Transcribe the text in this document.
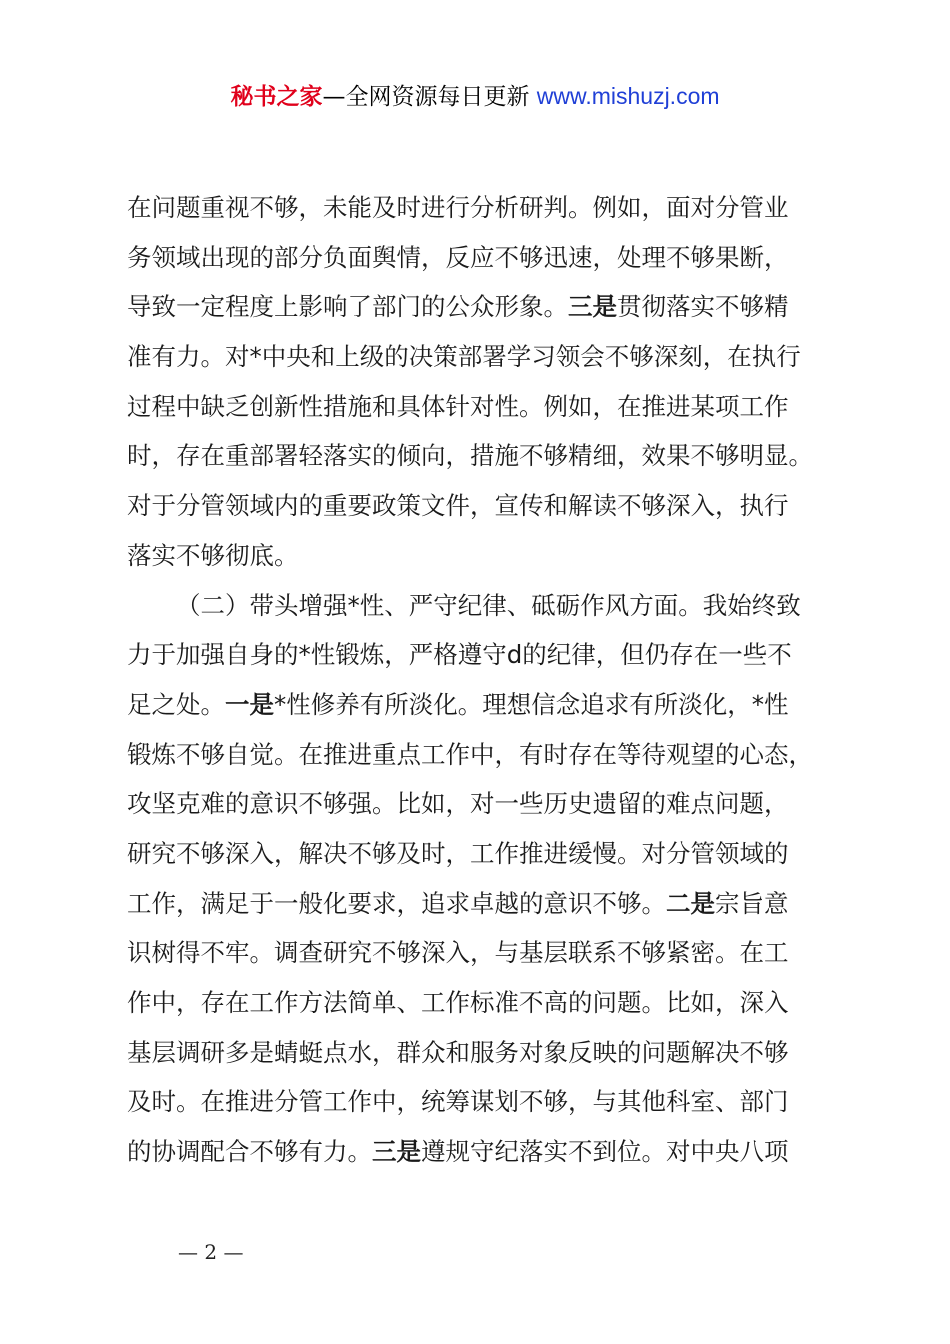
秘书之家—全网资源每日更新 www.mishuzj.com
在问题重视不够，未能及时进行分析研判。例如，面对分管业
务领域出现的部分负面舆情，反应不够迅速，处理不够果断，
导致一定程度上影响了部门的公众形象。三是贯彻落实不够精
准有力。对*中央和上级的决策部署学习领会不够深刻，在执行
过程中缺乏创新性措施和具体针对性。例如，在推进某项工作
时，存在重部署轻落实的倾向，措施不够精细，效果不够明显。
对于分管领域内的重要政策文件，宣传和解读不够深入，执行
落实不够彻底。
（二）带头增强*性、严守纪律、砥砺作风方面。我始终致
力于加强自身的*性锻炼，严格遵守d的纪律，但仍存在一些不
足之处。一是*性修养有所淡化。理想信念追求有所淡化，*性
锻炼不够自觉。在推进重点工作中，有时存在等待观望的心态，
攻坚克难的意识不够强。比如，对一些历史遗留的难点问题，
研究不够深入，解决不够及时，工作推进缓慢。对分管领域的
工作，满足于一般化要求，追求卓越的意识不够。二是宗旨意
识树得不牢。调查研究不够深入，与基层联系不够紧密。在工
作中，存在工作方法简单、工作标准不高的问题。比如，深入
基层调研多是蜻蜓点水，群众和服务对象反映的问题解决不够
及时。在推进分管工作中，统筹谋划不够，与其他科室、部门
的协调配合不够有力。三是遵规守纪落实不到位。对中央八项
— 2 —
